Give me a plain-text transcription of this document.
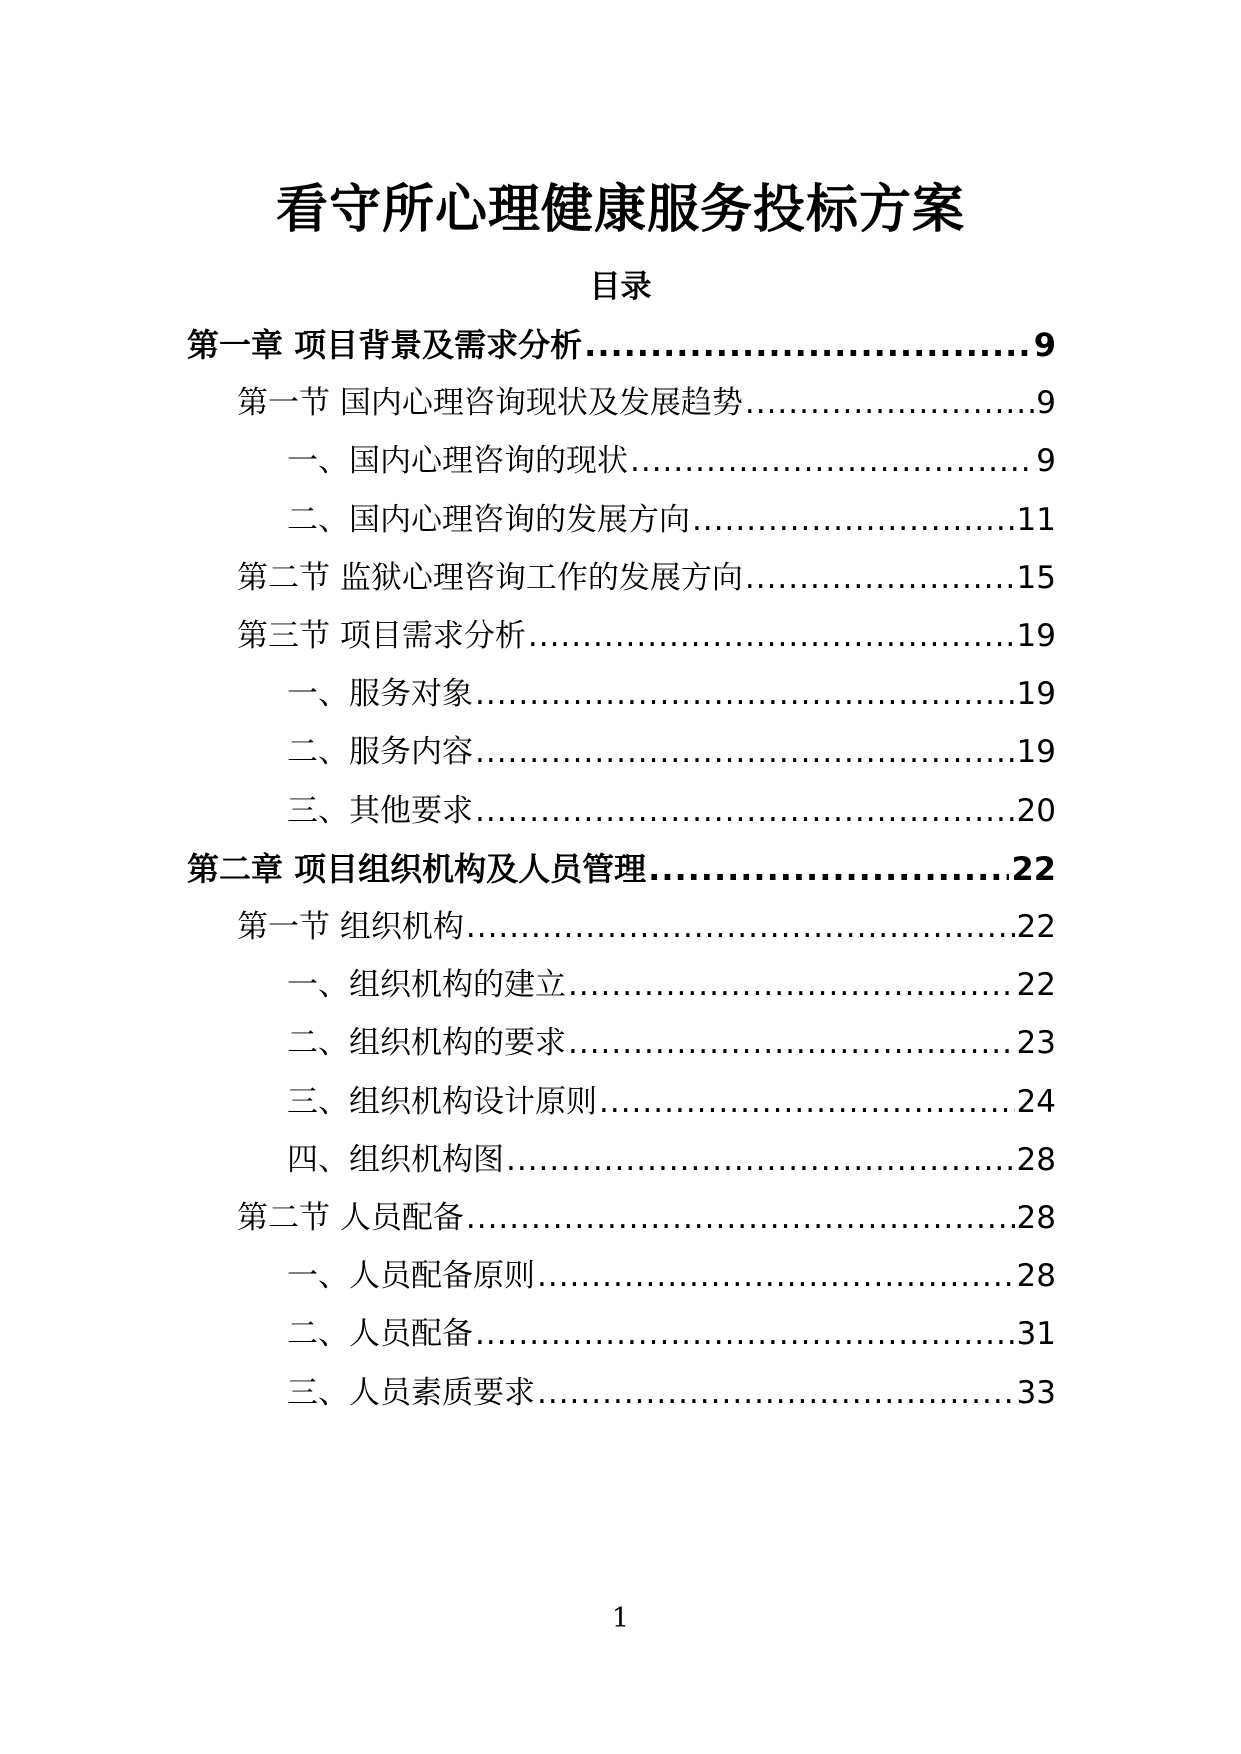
看守所心理健康服务投标方案
目录
第一章 项目背景及需求分析 .....	9
第一节 国内心理咨询现状及发展趋势 .....	9
一、国内心理咨询的现状 .....	9
二、国内心理咨询的发展方向 .....	11
第二节 监狱心理咨询工作的发展方向 .....	15
第三节 项目需求分析 .....	19
一、服务对象 .....	19
二、服务内容 .....	19
三、其他要求 .....	20
第二章 项目组织机构及人员管理 .....	22
第一节 组织机构 .....	22
一、组织机构的建立 .....	22
二、组织机构的要求 .....	23
三、组织机构设计原则 .....	24
四、组织机构图 .....	28
第二节 人员配备 .....	28
一、人员配备原则 .....	28
二、人员配备 .....	31
三、人员素质要求 .....	33
1
